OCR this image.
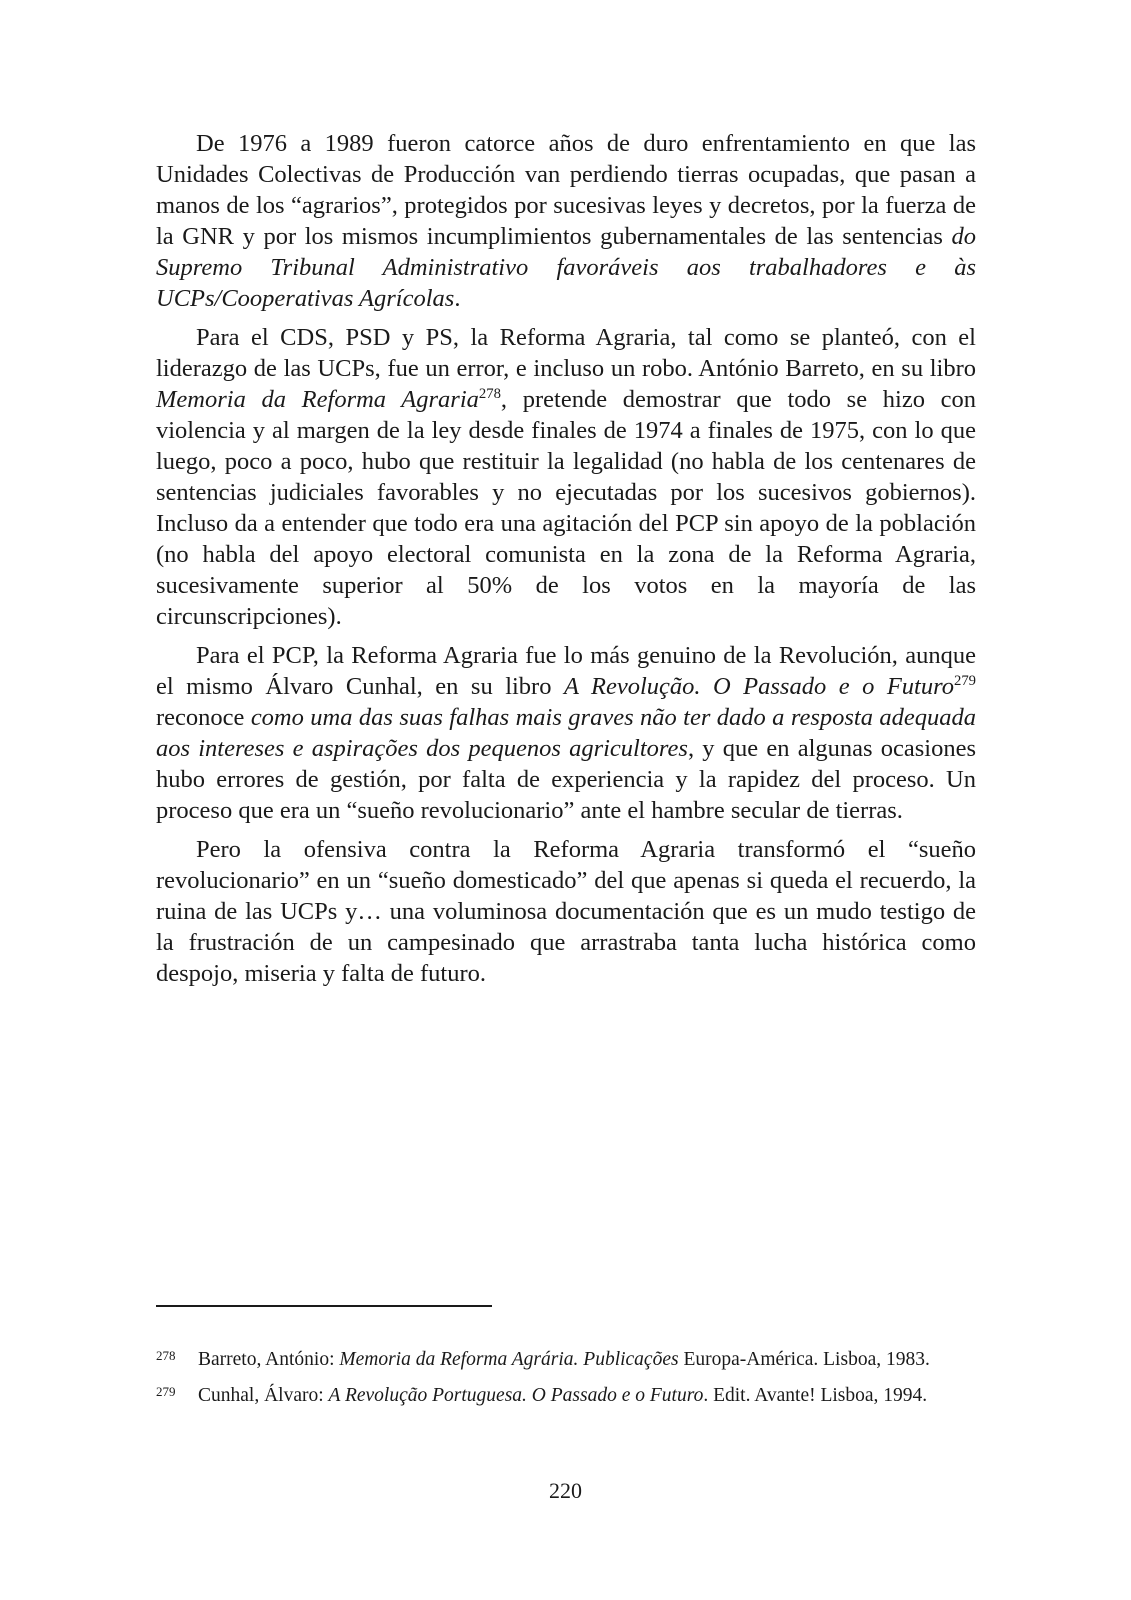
De 1976 a 1989 fueron catorce años de duro enfrentamiento en que las Unidades Colectivas de Producción van perdiendo tierras ocupadas, que pasan a manos de los “agrarios”, protegidos por sucesivas leyes y decretos, por la fuerza de la GNR y por los mismos incumplimientos gubernamentales de las sentencias do Supremo Tribunal Administrativo favoráveis aos trabalhadores e às UCPs/Cooperativas Agrícolas.

Para el CDS, PSD y PS, la Reforma Agraria, tal como se planteó, con el liderazgo de las UCPs, fue un error, e incluso un robo. António Barreto, en su libro Memoria da Reforma Agraria$^{278}$, pretende demostrar que todo se hizo con violencia y al margen de la ley desde finales de 1974 a finales de 1975, con lo que luego, poco a poco, hubo que restituir la legalidad (no habla de los centenares de sentencias judiciales favorables y no ejecutadas por los sucesivos gobiernos). Incluso da a entender que todo era una agitación del PCP sin apoyo de la población (no habla del apoyo electoral comunista en la zona de la Reforma Agraria, sucesivamente superior al 50% de los votos en la mayoría de las circunscripciones).

Para el PCP, la Reforma Agraria fue lo más genuino de la Revolución, aunque el mismo Álvaro Cunhal, en su libro A Revolução. O Passado e o Futuro$^{279}$ reconoce como uma das suas falhas mais graves não ter dado a resposta adequada aos intereses e aspirações dos pequenos agricultores, y que en algunas ocasiones hubo errores de gestión, por falta de experiencia y la rapidez del proceso. Un proceso que era un “sueño revolucionario” ante el hambre secular de tierras.

Pero la ofensiva contra la Reforma Agraria transformó el “sueño revolucionario” en un “sueño domesticado” del que apenas si queda el recuerdo, la ruina de las UCPs y… una voluminosa documentación que es un mudo testigo de la frustración de un campesinado que arrastraba tanta lucha histórica como despojo, miseria y falta de futuro.

278	Barreto, António: Memoria da Reforma Agrária. Publicações Europa-América. Lisboa, 1983.
279	Cunhal, Álvaro: A Revolução Portuguesa. O Passado e o Futuro. Edit. Avante! Lisboa, 1994.
220
